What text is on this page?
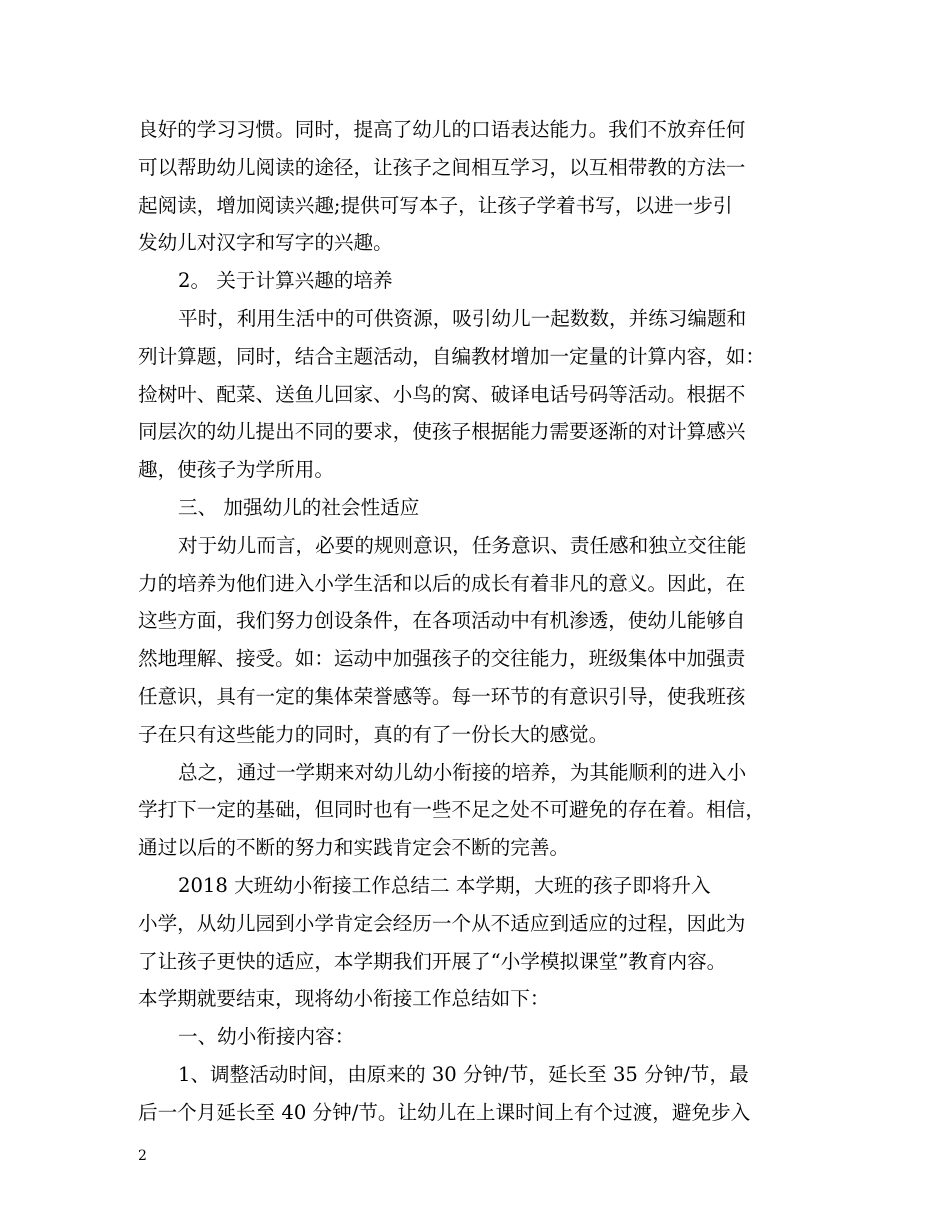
良好的学习习惯。同时，提高了幼儿的口语表达能力。我们不放弃任何
可以帮助幼儿阅读的途径，让孩子之间相互学习，以互相带教的方法一
起阅读，增加阅读兴趣;提供可写本子，让孩子学着书写，以进一步引
发幼儿对汉字和写字的兴趣。
2。 关于计算兴趣的培养
平时，利用生活中的可供资源，吸引幼儿一起数数，并练习编题和
列计算题，同时，结合主题活动，自编教材增加一定量的计算内容，如：
捡树叶、配菜、送鱼儿回家、小鸟的窝、破译电话号码等活动。根据不
同层次的幼儿提出不同的要求，使孩子根据能力需要逐渐的对计算感兴
趣，使孩子为学所用。
三、 加强幼儿的社会性适应
对于幼儿而言，必要的规则意识，任务意识、责任感和独立交往能
力的培养为他们进入小学生活和以后的成长有着非凡的意义。因此，在
这些方面，我们努力创设条件，在各项活动中有机渗透，使幼儿能够自
然地理解、接受。如：运动中加强孩子的交往能力，班级集体中加强责
任意识，具有一定的集体荣誉感等。每一环节的有意识引导，使我班孩
子在只有这些能力的同时，真的有了一份长大的感觉。
总之，通过一学期来对幼儿幼小衔接的培养，为其能顺利的进入小
学打下一定的基础，但同时也有一些不足之处不可避免的存在着。相信，
通过以后的不断的努力和实践肯定会不断的完善。
2018 大班幼小衔接工作总结二 本学期，大班的孩子即将升入
小学，从幼儿园到小学肯定会经历一个从不适应到适应的过程，因此为
了让孩子更快的适应，本学期我们开展了“小学模拟课堂”教育内容。
本学期就要结束，现将幼小衔接工作总结如下：
一、幼小衔接内容：
1、调整活动时间，由原来的 30 分钟/节，延长至 35 分钟/节，最
后一个月延长至 40 分钟/节。让幼儿在上课时间上有个过渡，避免步入
2
